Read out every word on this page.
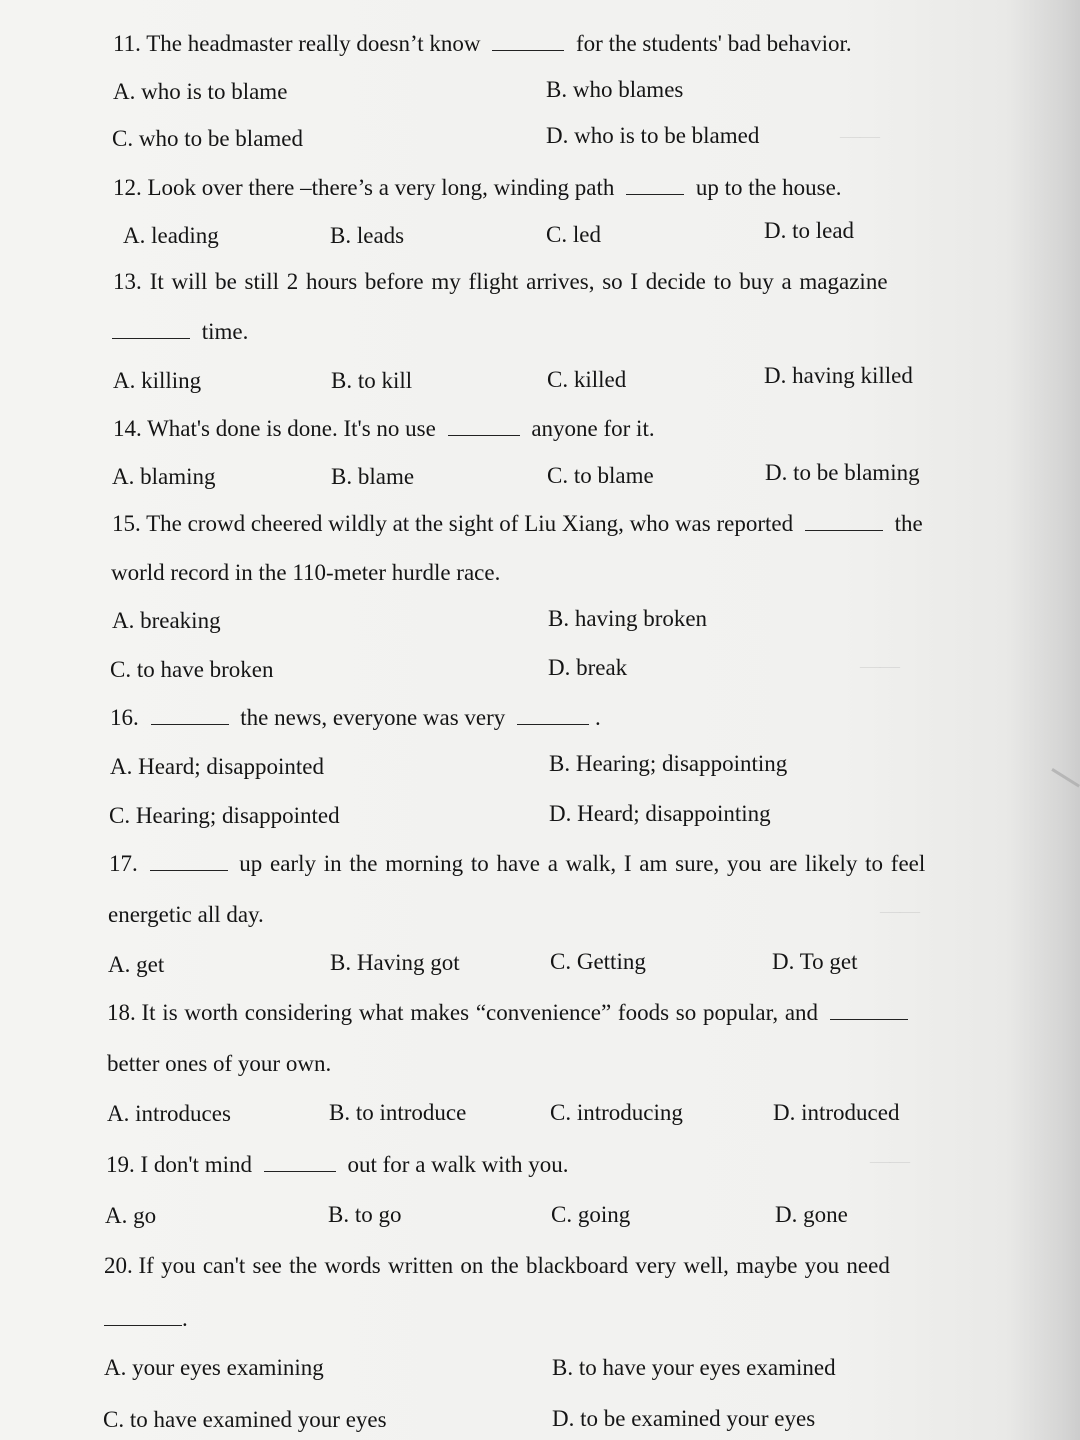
——
——
——
——
11. The headmaster really doesn’t know	for the students' bad behavior.
A. who is to blame	B. who blames
C. who to be blamed	D. who is to be blamed
12. Look over there –there’s a very long, winding path	up to the house.
A. leading	B. leads	C. led	D. to lead
13. It will be still 2 hours before my flight arrives, so I decide to buy a magazine
time.
A. killing	B. to kill	C. killed	D. having killed
14. What's done is done. It's no use	anyone for it.
A. blaming	B. blame	C. to blame	D. to be blaming
15. The crowd cheered wildly at the sight of Liu Xiang, who was reported	the
world record in the 110-meter hurdle race.
A. breaking	B. having broken
C. to have broken	D. break
16.	the news, everyone was very	.
A. Heard; disappointed	B. Hearing; disappointing
C. Hearing; disappointed	D. Heard; disappointing
17.	up early in the morning to have a walk, I am sure, you are likely to feel
energetic all day.
A. get	B. Having got	C. Getting	D. To get
18. It is worth considering what makes “convenience” foods so popular, and
better ones of your own.
A. introduces	B. to introduce	C. introducing	D. introduced
19. I don't mind	out for a walk with you.
A. go	B. to go	C. going	D. gone
20. If you can't see the words written on the blackboard very well, maybe you need
.
A. your eyes examining	B. to have your eyes examined
C. to have examined your eyes	D. to be examined your eyes
